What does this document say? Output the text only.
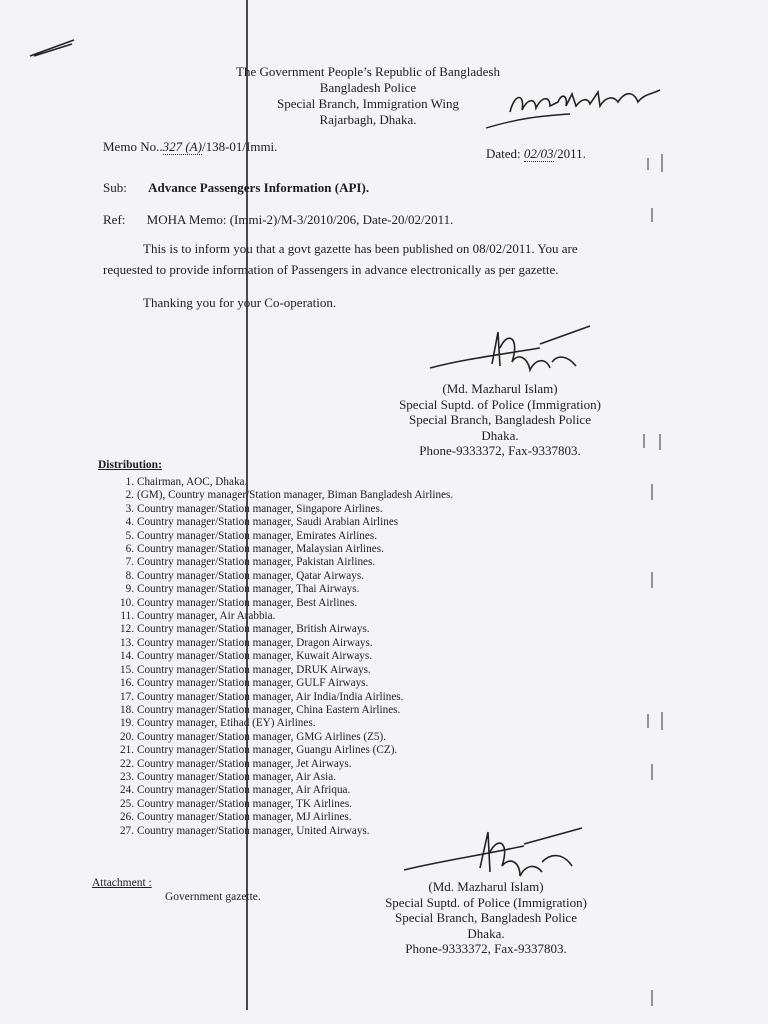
The Government People’s Republic of Bangladesh
Bangladesh Police
Special Branch, Immigration Wing
Rajarbagh, Dhaka.
Memo No..327 (A)/138-01/Immi.	Dated: 02/03/2011.
Sub: Advance Passengers Information (API).
Ref: MOHA Memo: (Immi-2)/M-3/2010/206, Date-20/02/2011.
This is to inform you that a govt gazette has been published on 08/02/2011. You are
requested to provide information of Passengers in advance electronically as per gazette.
Thanking you for your Co-operation.
(Md. Mazharul Islam)
Special Suptd. of Police (Immigration)
Special Branch, Bangladesh Police
Dhaka.
Phone-9333372, Fax-9337803.
Distribution:
1. Chairman, AOC, Dhaka.
2. (GM), Country manager/Station manager, Biman Bangladesh Airlines.
3. Country manager/Station manager, Singapore Airlines.
4. Country manager/Station manager, Saudi Arabian Airlines
5. Country manager/Station manager, Emirates Airlines.
6. Country manager/Station manager, Malaysian Airlines.
7. Country manager/Station manager, Pakistan Airlines.
8. Country manager/Station manager, Qatar Airways.
9. Country manager/Station manager, Thai Airways.
10. Country manager/Station manager, Best Airlines.
11. Country manager, Air Arabbia.
12. Country manager/Station manager, British Airways.
13. Country manager/Station manager, Dragon Airways.
14. Country manager/Station manager, Kuwait Airways.
15. Country manager/Station manager, DRUK Airways.
16. Country manager/Station manager, GULF Airways.
17. Country manager/Station manager, Air India/India Airlines.
18. Country manager/Station manager, China Eastern Airlines.
19. Country manager, Etihad (EY) Airlines.
20. Country manager/Station manager, GMG Airlines (Z5).
21. Country manager/Station manager, Guangu Airlines (CZ).
22. Country manager/Station manager, Jet Airways.
23. Country manager/Station manager, Air Asia.
24. Country manager/Station manager, Air Afriqua.
25. Country manager/Station manager, TK Airlines.
26. Country manager/Station manager, MJ Airlines.
27. Country manager/Station manager, United Airways.
Attachment :
Government gazette.
(Md. Mazharul Islam)
Special Suptd. of Police (Immigration)
Special Branch, Bangladesh Police
Dhaka.
Phone-9333372, Fax-9337803.
